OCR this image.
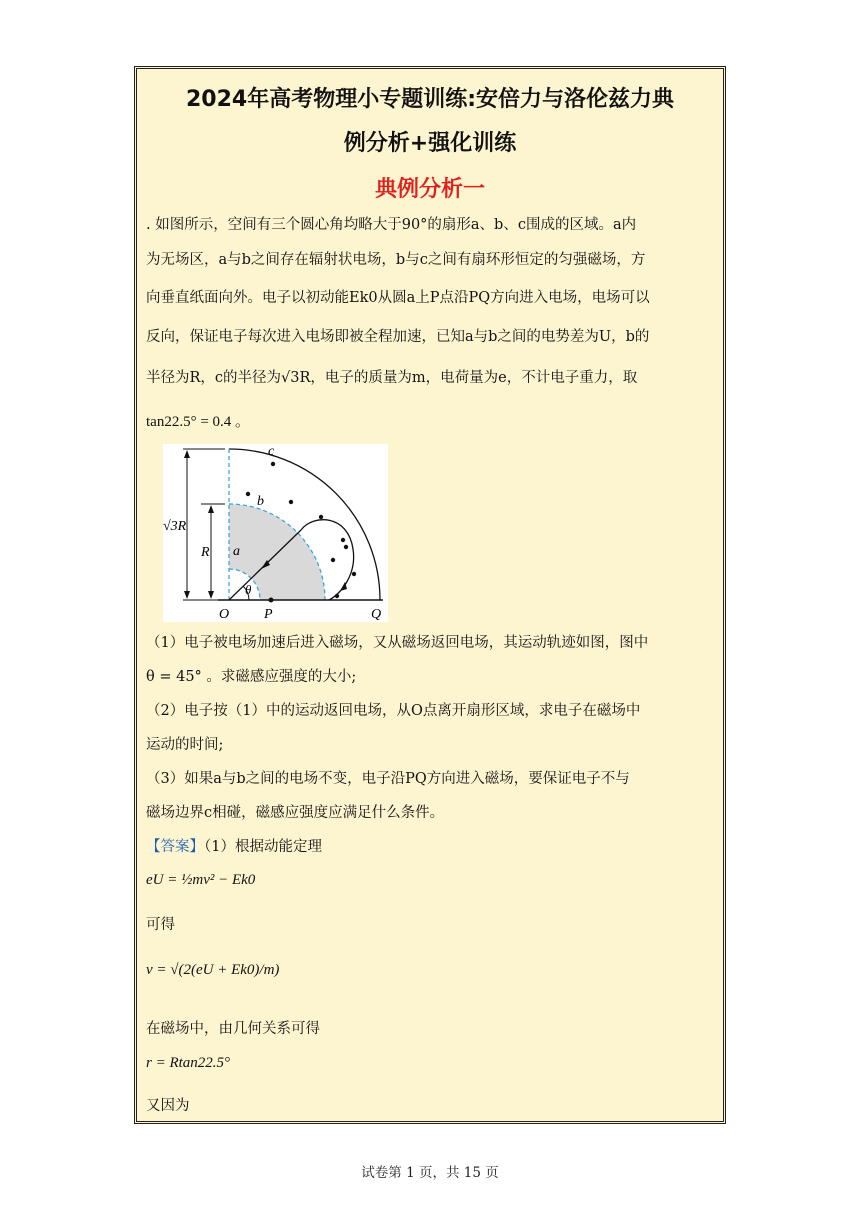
2024年高考物理小专题训练:安倍力与洛伦兹力典
例分析+强化训练
典例分析一
. 如图所示，空间有三个圆心角均略大于90°的扇形a、b、c围成的区域。a内
为无场区，a与b之间存在辐射状电场，b与c之间有扇环形恒定的匀强磁场，方
向垂直纸面向外。电子以初动能Ek0从圆a上P点沿PQ方向进入电场，电场可以
反向，保证电子每次进入电场即被全程加速，已知a与b之间的电势差为U，b的
半径为R，c的半径为√3R，电子的质量为m，电荷量为e，不计电子重力，取
tan22.5° = 0.4 。
c
b
a
θ
O P	Q
√3R
R
（1）电子被电场加速后进入磁场，又从磁场返回电场，其运动轨迹如图，图中
θ = 45° 。求磁感应强度的大小;
（2）电子按（1）中的运动返回电场，从O点离开扇形区域，求电子在磁场中
运动的时间;
（3）如果a与b之间的电场不变，电子沿PQ方向进入磁场，要保证电子不与
磁场边界c相碰，磁感应强度应满足什么条件。
【答案】（1）根据动能定理
eU = ½mv² − Ek0
可得
v = √(2(eU + Ek0)/m)
在磁场中，由几何关系可得
r = Rtan22.5°
又因为
试卷第 1 页，共 15 页
